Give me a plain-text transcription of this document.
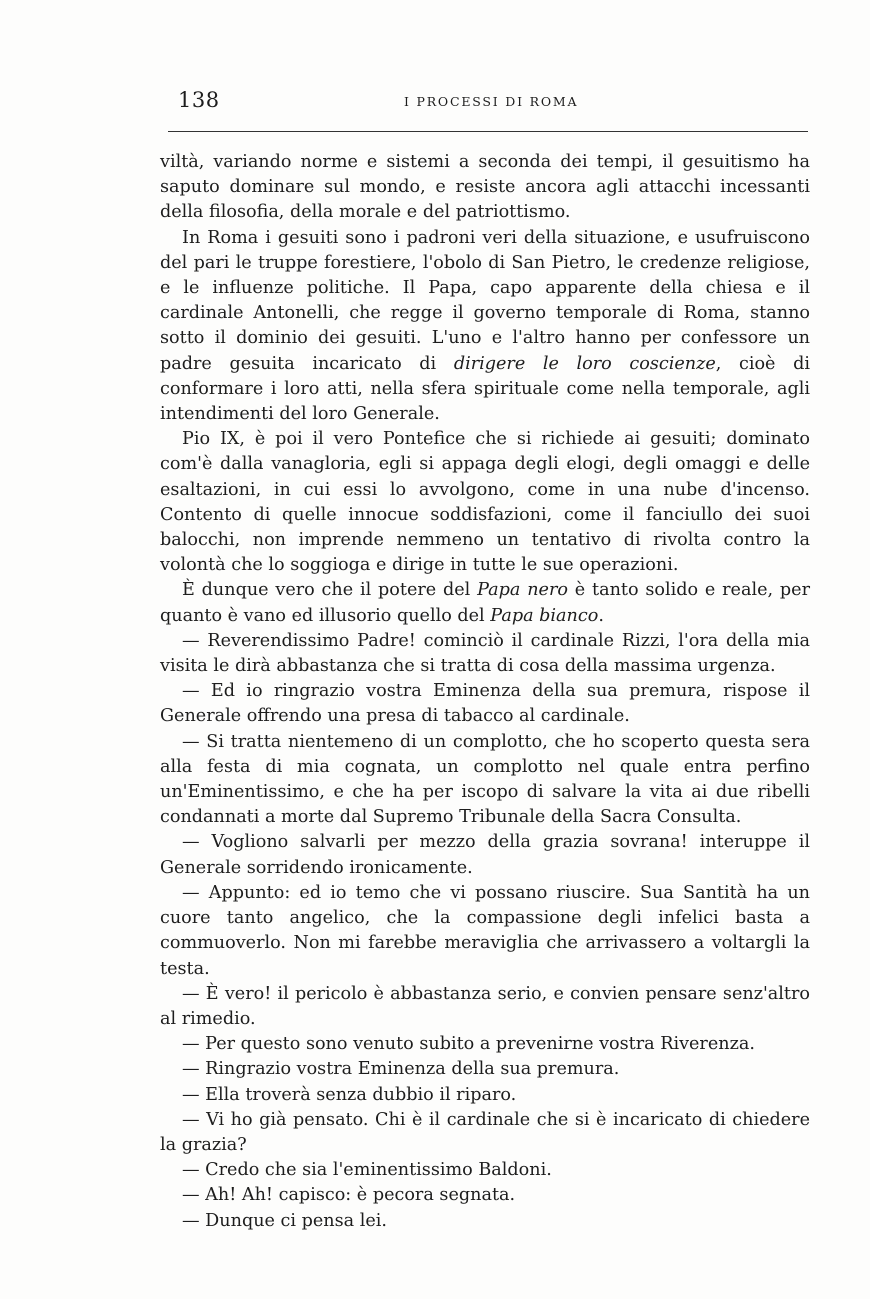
138	I PROCESSI DI ROMA

viltà, variando norme e sistemi a seconda dei tempi, il gesuitismo ha saputo dominare sul mondo, e resiste ancora agli attacchi incessanti della filosofia, della morale e del patriottismo.

In Roma i gesuiti sono i padroni veri della situazione, e usufruiscono del pari le truppe forestiere, l'obolo di San Pietro, le credenze religiose, e le influenze politiche. Il Papa, capo apparente della chiesa e il cardinale Antonelli, che regge il governo temporale di Roma, stanno sotto il dominio dei gesuiti. L'uno e l'altro hanno per confessore un padre gesuita incaricato di dirigere le loro coscienze, cioè di conformare i loro atti, nella sfera spirituale come nella temporale, agli intendimenti del loro Generale.

Pio IX, è poi il vero Pontefice che si richiede ai gesuiti; dominato com'è dalla vanagloria, egli si appaga degli elogi, degli omaggi e delle esaltazioni, in cui essi lo avvolgono, come in una nube d'incenso. Contento di quelle innocue soddisfazioni, come il fanciullo dei suoi balocchi, non imprende nemmeno un tentativo di rivolta contro la volontà che lo soggioga e dirige in tutte le sue operazioni.

È dunque vero che il potere del Papa nero è tanto solido e reale, per quanto è vano ed illusorio quello del Papa bianco.

— Reverendissimo Padre! cominciò il cardinale Rizzi, l'ora della mia visita le dirà abbastanza che si tratta di cosa della massima urgenza.

— Ed io ringrazio vostra Eminenza della sua premura, rispose il Generale offrendo una presa di tabacco al cardinale.

— Si tratta nientemeno di un complotto, che ho scoperto questa sera alla festa di mia cognata, un complotto nel quale entra perfino un'Eminentissimo, e che ha per iscopo di salvare la vita ai due ribelli condannati a morte dal Supremo Tribunale della Sacra Consulta.

— Vogliono salvarli per mezzo della grazia sovrana! interuppe il Generale sorridendo ironicamente.

— Appunto: ed io temo che vi possano riuscire. Sua Santità ha un cuore tanto angelico, che la compassione degli infelici basta a commuoverlo. Non mi farebbe meraviglia che arrivassero a voltargli la testa.

— È vero! il pericolo è abbastanza serio, e convien pensare senz'altro al rimedio.

— Per questo sono venuto subito a prevenirne vostra Riverenza.

— Ringrazio vostra Eminenza della sua premura.

— Ella troverà senza dubbio il riparo.

— Vi ho già pensato. Chi è il cardinale che si è incaricato di chiedere la grazia?

— Credo che sia l'eminentissimo Baldoni.

— Ah! Ah! capisco: è pecora segnata.

— Dunque ci pensa lei.
